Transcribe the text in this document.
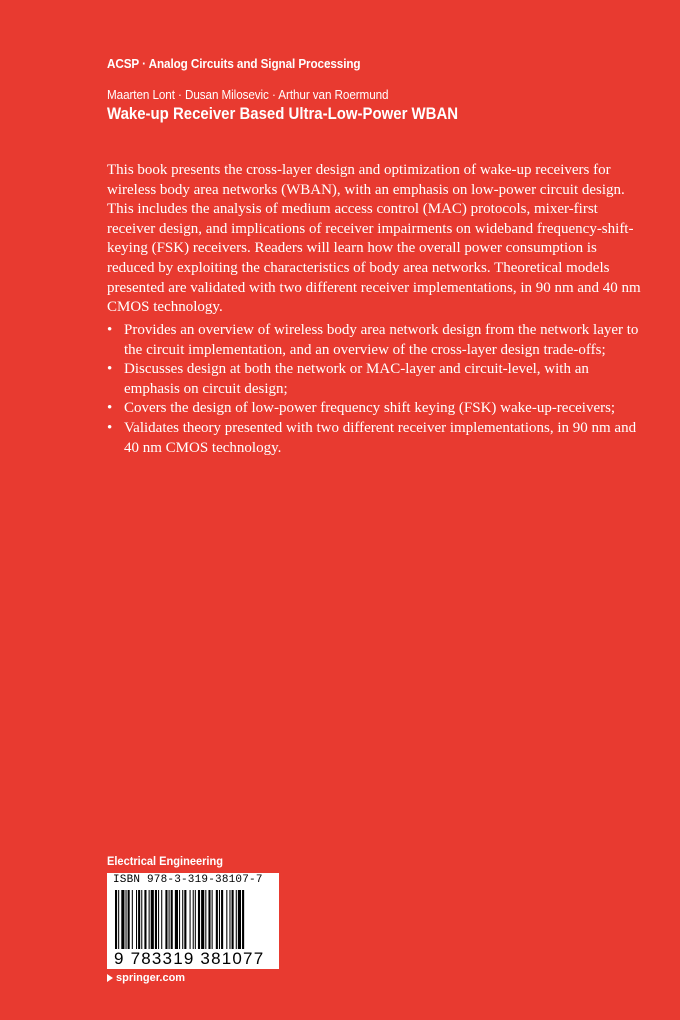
ACSP · Analog Circuits and Signal Processing
Maarten Lont · Dusan Milosevic · Arthur van Roermund
Wake-up Receiver Based Ultra-Low-Power WBAN

This book presents the cross-layer design and optimization of wake-up receivers for wireless body area networks (WBAN), with an emphasis on low-power circuit design. This includes the analysis of medium access control (MAC) protocols, mixer-first receiver design, and implications of receiver impairments on wideband frequency-shift-keying (FSK) receivers. Readers will learn how the overall power consumption is reduced by exploiting the characteristics of body area networks. Theoretical models presented are validated with two different receiver implementations, in 90 nm and 40 nm CMOS technology.

• Provides an overview of wireless body area network design from the network layer to the circuit implementation, and an overview of the cross-layer design trade-offs;
• Discusses design at both the network or MAC-layer and circuit-level, with an emphasis on circuit design;
• Covers the design of low-power frequency shift keying (FSK) wake-up-receivers;
• Validates theory presented with two different receiver implementations, in 90 nm and 40 nm CMOS technology.
Electrical Engineering
ISBN 978-3-319-38107-7
9 783319 381077
springer.com
